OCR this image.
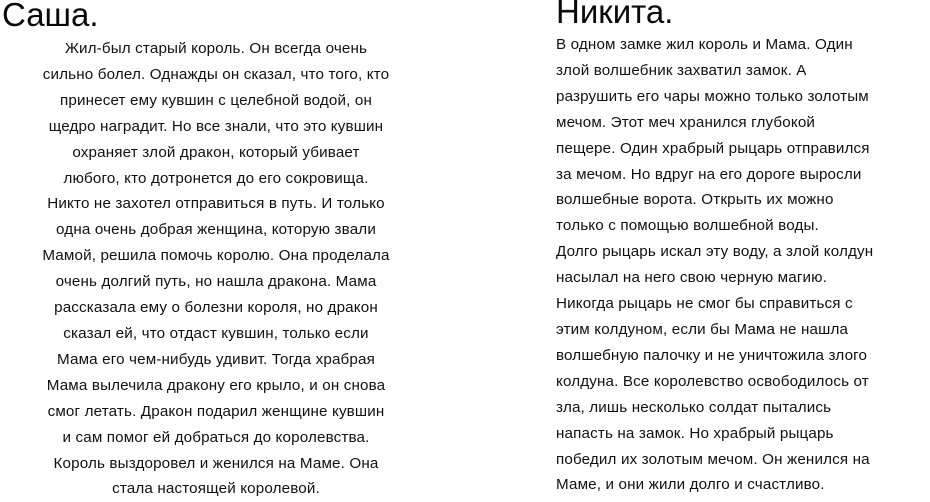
Саша.
Жил-был старый король. Он всегда очень
сильно болел. Однажды он сказал, что того, кто
принесет ему кувшин с целебной водой, он
щедро наградит. Но все знали, что это кувшин
охраняет злой дракон, который убивает
любого, кто дотронется до его сокровища.
Никто не захотел отправиться в путь. И только
одна очень добрая женщина, которую звали
Мамой, решила помочь королю. Она проделала
очень долгий путь, но нашла дракона. Мама
рассказала ему о болезни короля, но дракон
сказал ей, что отдаст кувшин, только если
Мама его чем-нибудь удивит. Тогда храбрая
Мама вылечила дракону его крыло, и он снова
смог летать. Дракон подарил женщине кувшин
и сам помог ей добраться до королевства.
Король выздоровел и женился на Маме. Она
стала настоящей королевой.
Никита.
В одном замке жил король и Мама. Один
злой волшебник захватил замок. А
разрушить его чары можно только золотым
мечом. Этот меч хранился глубокой
пещере. Один храбрый рыцарь отправился
за мечом. Но вдруг на его дороге выросли
волшебные ворота. Открыть их можно
только с помощью волшебной воды.
Долго рыцарь искал эту воду, а злой колдун
насылал на него свою черную магию.
Никогда рыцарь не смог бы справиться с
этим колдуном, если бы Мама не нашла
волшебную палочку и не уничтожила злого
колдуна. Все королевство освободилось от
зла, лишь несколько солдат пытались
напасть на замок. Но храбрый рыцарь
победил их золотым мечом. Он женился на
Маме, и они жили долго и счастливо.
